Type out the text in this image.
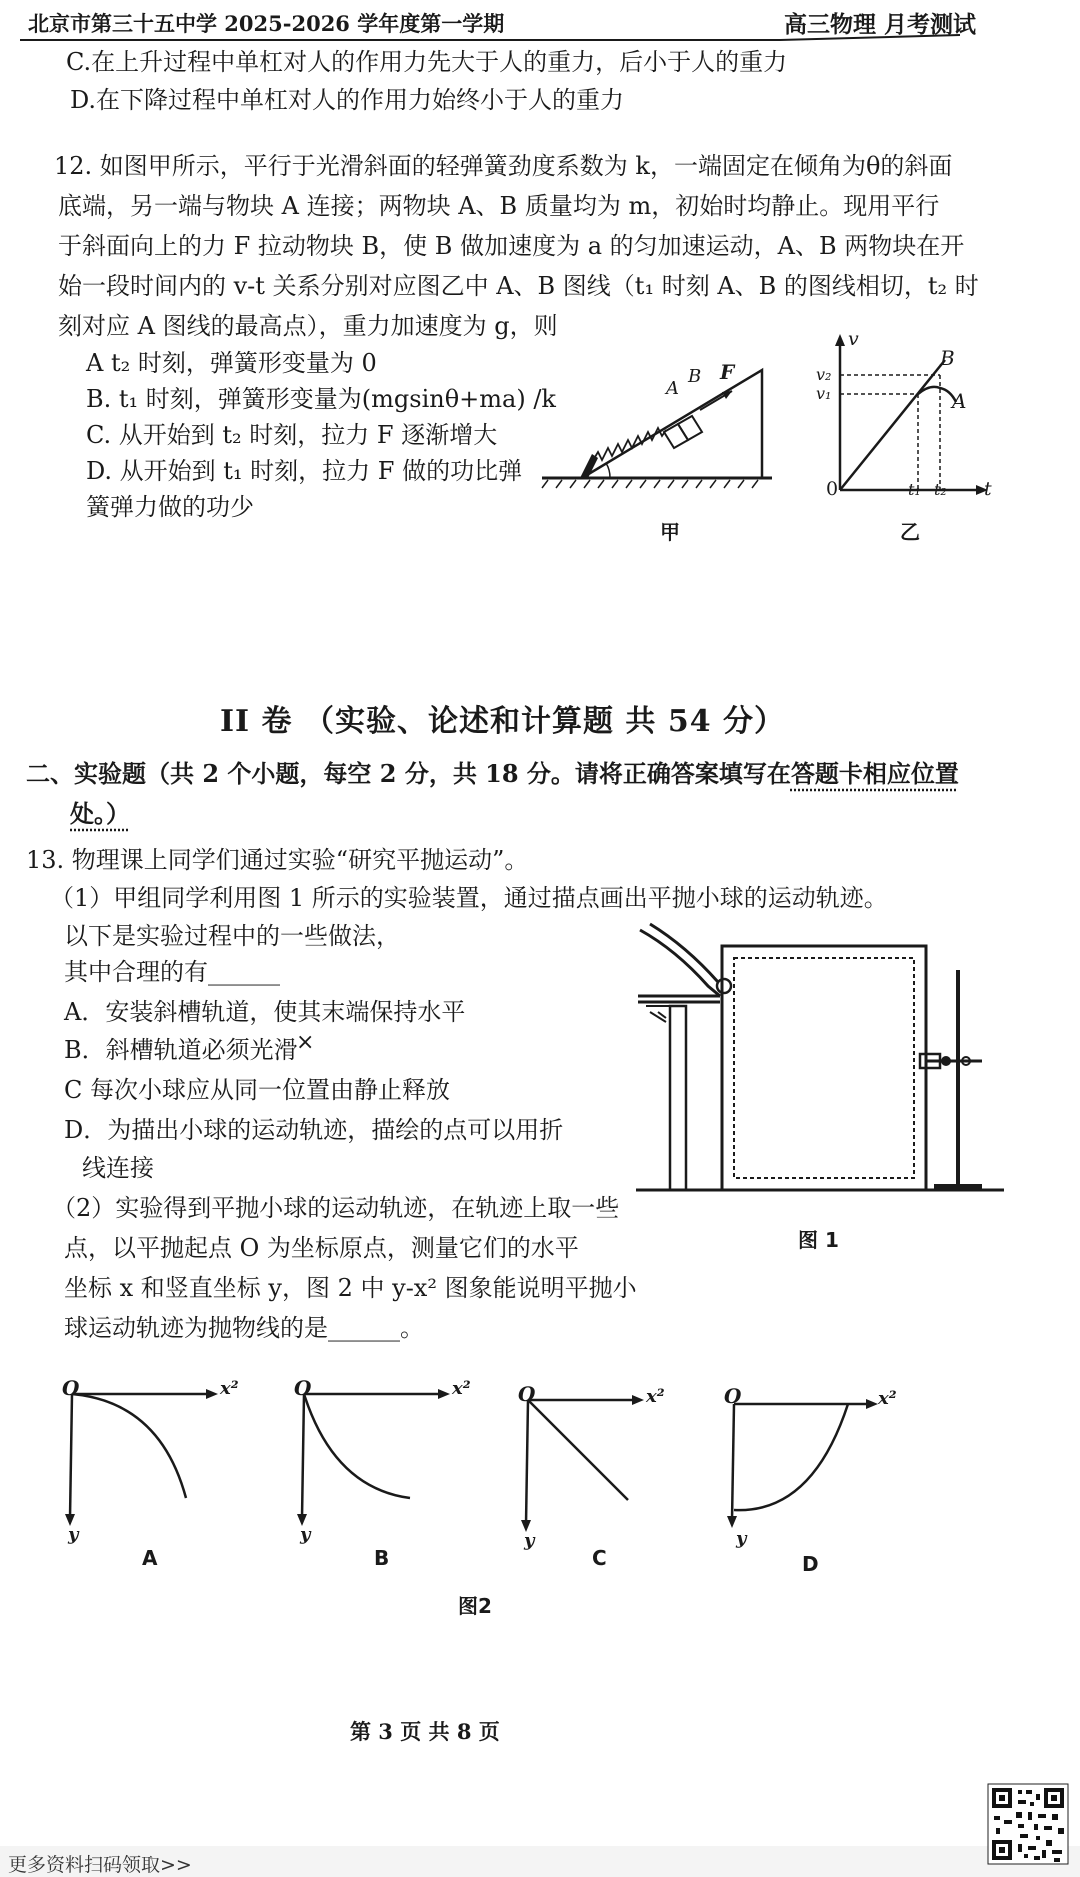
北京市第三十五中学 2025-2026 学年度第一学期	高三物理 月考测试
C.在上升过程中单杠对人的作用力先大于人的重力，后小于人的重力
D.在下降过程中单杠对人的作用力始终小于人的重力
12. 如图甲所示，平行于光滑斜面的轻弹簧劲度系数为 k，一端固定在倾角为θ的斜面
底端，另一端与物块 A 连接；两物块 A、B 质量均为 m，初始时均静止。现用平行
于斜面向上的力 F 拉动物块 B，使 B 做加速度为 a 的匀加速运动，A、B 两物块在开
始一段时间内的 v-t 关系分别对应图乙中 A、B 图线（t₁ 时刻 A、B 的图线相切，t₂ 时
刻对应 A 图线的最高点），重力加速度为 g，则
A t₂ 时刻，弹簧形变量为 0
B. t₁ 时刻，弹簧形变量为(mgsinθ+ma) /k
C. 从开始到 t₂ 时刻，拉力 F 逐渐增大
D. 从开始到 t₁ 时刻，拉力 F 做的功比弹
簧弹力做的功少
A
B F
甲
v
t
0
v₂
v₁
t₁ t₂
A
B
乙
II 卷 （实验、论述和计算题 共 54 分）
二、实验题（共 2 个小题，每空 2 分，共 18 分。请将正确答案填写在答题卡相应位置
处。）
13. 物理课上同学们通过实验“研究平抛运动”。
（1）甲组同学利用图 1 所示的实验装置，通过描点画出平抛小球的运动轨迹。
以下是实验过程中的一些做法，
其中合理的有______
A．安装斜槽轨道，使其末端保持水平
B．斜槽轨道必须光滑
×
C 每次小球应从同一位置由静止释放
D．为描出小球的运动轨迹，描绘的点可以用折
线连接
（2）实验得到平抛小球的运动轨迹，在轨迹上取一些
点，以平抛起点 O 为坐标原点，测量它们的水平
坐标 x 和竖直坐标 y，图 2 中 y-x² 图象能说明平抛小
球运动轨迹为抛物线的是______。
图 1
O	x²
y
A
O	x²
y
B
O	x²
y
C
O	x²
y
D
图2
第 3 页 共 8 页
更多资料扫码领取>>
